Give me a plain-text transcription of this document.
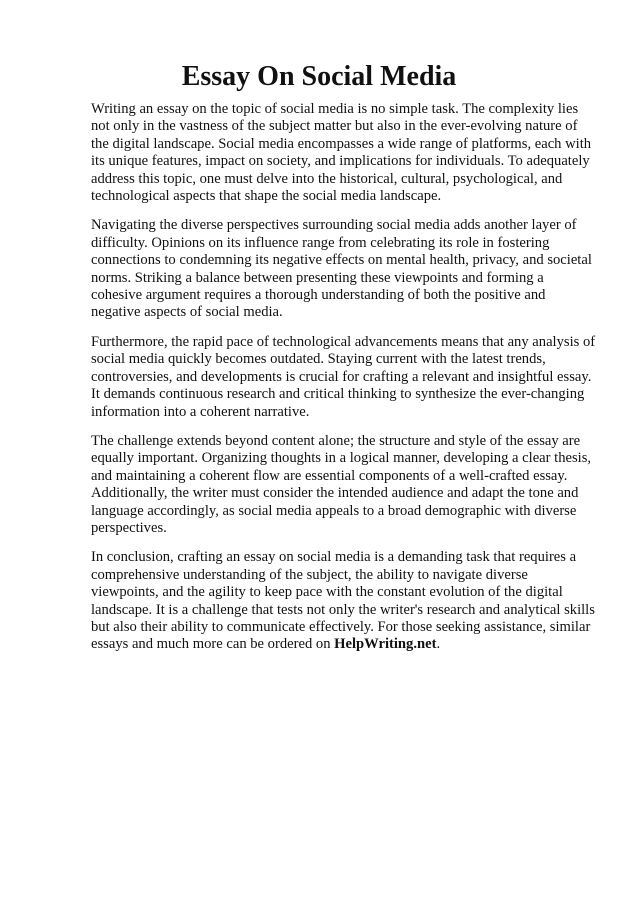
Essay On Social Media

Writing an essay on the topic of social media is no simple task. The complexity lies not only in the vastness of the subject matter but also in the ever-evolving nature of the digital landscape. Social media encompasses a wide range of platforms, each with its unique features, impact on society, and implications for individuals. To adequately address this topic, one must delve into the historical, cultural, psychological, and technological aspects that shape the social media landscape.

Navigating the diverse perspectives surrounding social media adds another layer of difficulty. Opinions on its influence range from celebrating its role in fostering connections to condemning its negative effects on mental health, privacy, and societal norms. Striking a balance between presenting these viewpoints and forming a cohesive argument requires a thorough understanding of both the positive and negative aspects of social media.

Furthermore, the rapid pace of technological advancements means that any analysis of social media quickly becomes outdated. Staying current with the latest trends, controversies, and developments is crucial for crafting a relevant and insightful essay. It demands continuous research and critical thinking to synthesize the ever-changing information into a coherent narrative.

The challenge extends beyond content alone; the structure and style of the essay are equally important. Organizing thoughts in a logical manner, developing a clear thesis, and maintaining a coherent flow are essential components of a well-crafted essay. Additionally, the writer must consider the intended audience and adapt the tone and language accordingly, as social media appeals to a broad demographic with diverse perspectives.

In conclusion, crafting an essay on social media is a demanding task that requires a comprehensive understanding of the subject, the ability to navigate diverse viewpoints, and the agility to keep pace with the constant evolution of the digital landscape. It is a challenge that tests not only the writer's research and analytical skills but also their ability to communicate effectively. For those seeking assistance, similar essays and much more can be ordered on HelpWriting.net.
